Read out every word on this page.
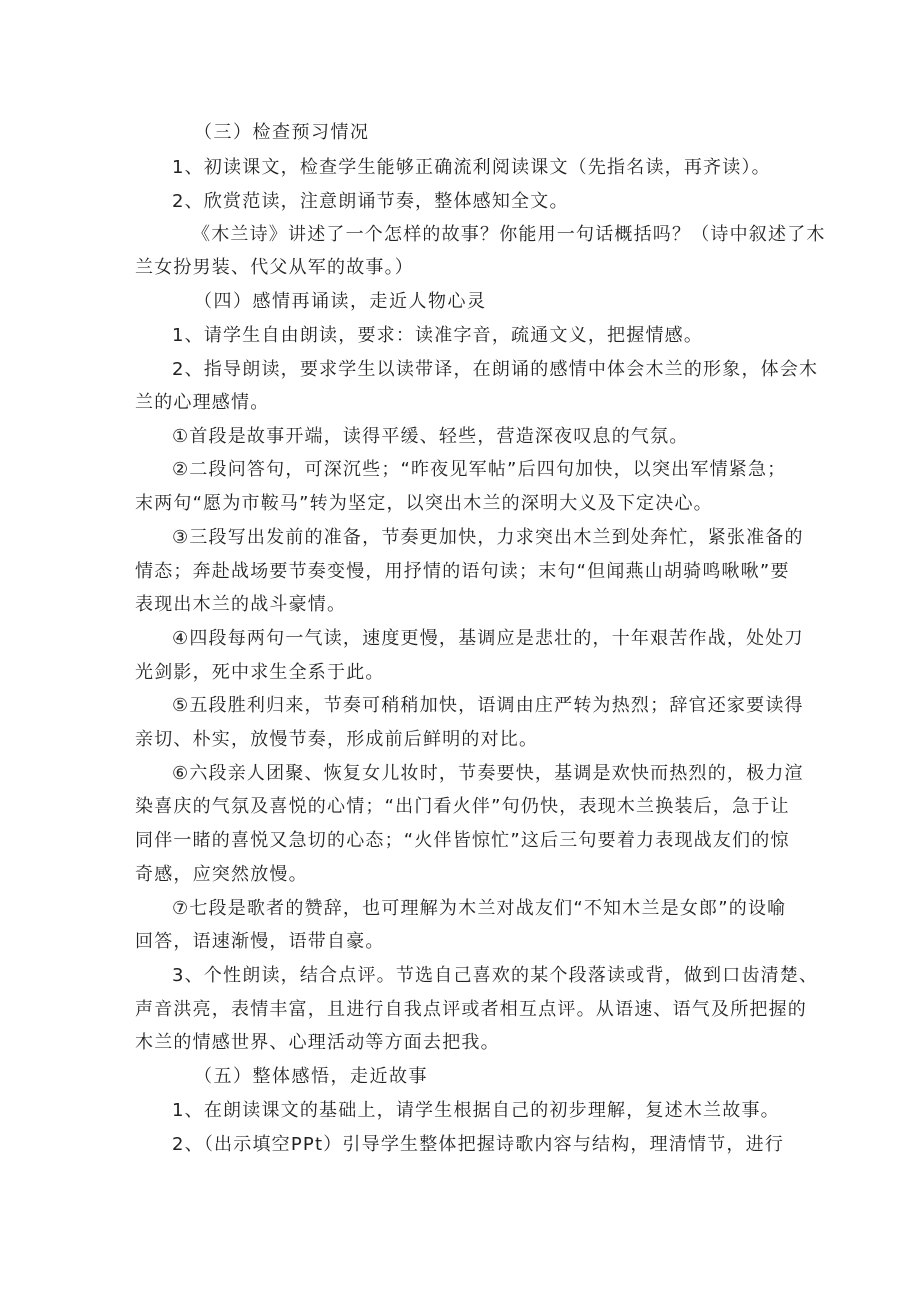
（三）检查预习情况
1、初读课文，检查学生能够正确流利阅读课文（先指名读，再齐读）。
2、欣赏范读，注意朗诵节奏，整体感知全文。
《木兰诗》讲述了一个怎样的故事？你能用一句话概括吗？（诗中叙述了木
兰女扮男装、代父从军的故事。）
（四）感情再诵读，走近人物心灵
1、请学生自由朗读，要求：读准字音，疏通文义，把握情感。
2、指导朗读，要求学生以读带译，在朗诵的感情中体会木兰的形象，体会木
兰的心理感情。
①首段是故事开端，读得平缓、轻些，营造深夜叹息的气氛。
②二段问答句，可深沉些；“昨夜见军帖”后四句加快，以突出军情紧急；
末两句“愿为市鞍马”转为坚定，以突出木兰的深明大义及下定决心。
③三段写出发前的准备，节奏更加快，力求突出木兰到处奔忙，紧张准备的
情态；奔赴战场要节奏变慢，用抒情的语句读；末句“但闻燕山胡骑鸣啾啾”要
表现出木兰的战斗豪情。
④四段每两句一气读，速度更慢，基调应是悲壮的，十年艰苦作战，处处刀
光剑影，死中求生全系于此。
⑤五段胜利归来，节奏可稍稍加快，语调由庄严转为热烈；辞官还家要读得
亲切、朴实，放慢节奏，形成前后鲜明的对比。
⑥六段亲人团聚、恢复女儿妆时，节奏要快，基调是欢快而热烈的，极力渲
染喜庆的气氛及喜悦的心情；“出门看火伴”句仍快，表现木兰换装后，急于让
同伴一睹的喜悦又急切的心态；“火伴皆惊忙”这后三句要着力表现战友们的惊
奇感，应突然放慢。
⑦七段是歌者的赞辞，也可理解为木兰对战友们“不知木兰是女郎”的设喻
回答，语速渐慢，语带自豪。
3、个性朗读，结合点评。节选自己喜欢的某个段落读或背，做到口齿清楚、
声音洪亮，表情丰富，且进行自我点评或者相互点评。从语速、语气及所把握的
木兰的情感世界、心理活动等方面去把我。
（五）整体感悟，走近故事
1、在朗读课文的基础上，请学生根据自己的初步理解，复述木兰故事。
2、（出示填空PPt）引导学生整体把握诗歌内容与结构，理清情节，进行
